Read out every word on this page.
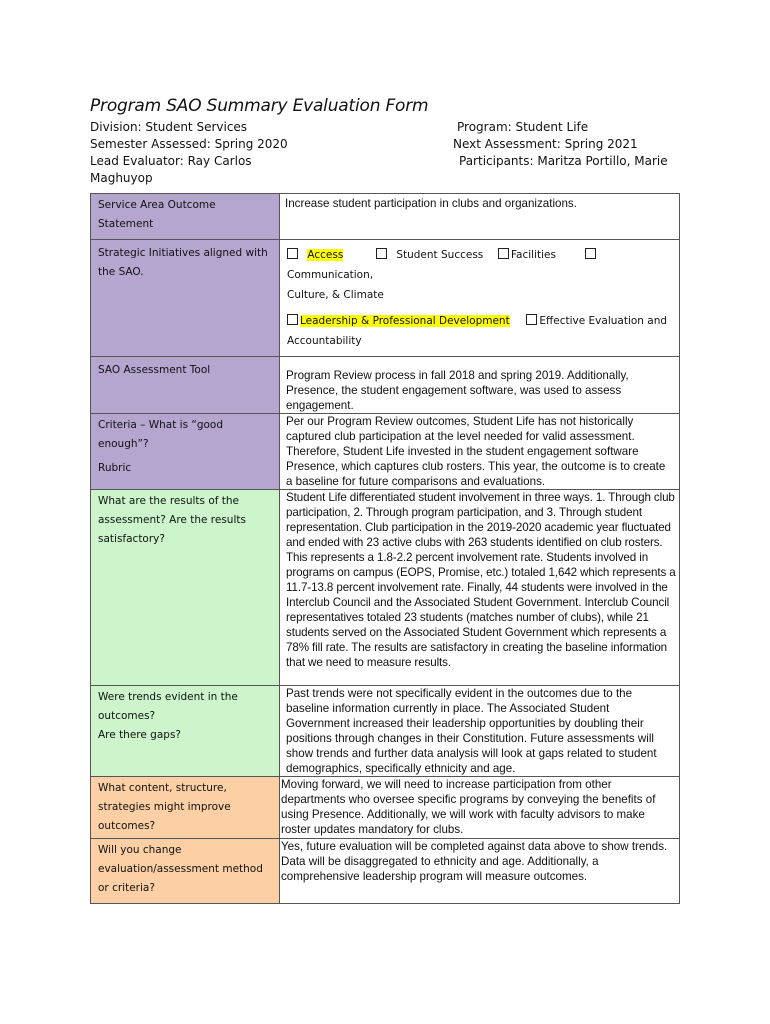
Program SAO Summary Evaluation Form
Division: Student Services
Semester Assessed: Spring 2020
Lead Evaluator: Ray Carlos Maghuyop
Program: Student Life
Next Assessment: Spring 2021
Participants: Maritza Portillo, Marie
Service Area Outcome Statement	Increase student participation in clubs and organizations.
Strategic Initiatives aligned with the SAO.	Access Student Success Facilities  Communication,
Culture, & Climate
Leadership & Professional Development Effective Evaluation and
Accountability

SAO Assessment Tool	Program Review process in fall 2018 and spring 2019. Additionally, Presence, the student engagement software, was used to assess engagement.

Criteria – What is “good enough”?
Rubric	Per our Program Review outcomes, Student Life has not historically captured club participation at the level needed for valid assessment. Therefore, Student Life invested in the student engagement software Presence, which captures club rosters. This year, the outcome is to create a baseline for future comparisons and evaluations.
What are the results of the assessment? Are the results satisfactory?	Student Life differentiated student involvement in three ways. 1. Through club participation, 2. Through program participation, and 3. Through student representation. Club participation in the 2019-2020 academic year fluctuated and ended with 23 active clubs with 263 students identified on club rosters. This represents a 1.8-2.2 percent involvement rate. Students involved in programs on campus (EOPS, Promise, etc.) totaled 1,642 which represents a 11.7-13.8 percent involvement rate. Finally, 44 students were involved in the Interclub Council and the Associated Student Government. Interclub Council representatives totaled 23 students (matches number of clubs), while 21 students served on the Associated Student Government which represents a 78% fill rate. The results are satisfactory in creating the baseline information that we need to measure results.

Were trends evident in the outcomes?
Are there gaps?	Past trends were not specifically evident in the outcomes due to the baseline information currently in place. The Associated Student Government increased their leadership opportunities by doubling their positions through changes in their Constitution. Future assessments will show trends and further data analysis will look at gaps related to student demographics, specifically ethnicity and age.
What content, structure, strategies might improve outcomes?	Moving forward, we will need to increase participation from other departments who oversee specific programs by conveying the benefits of using Presence. Additionally, we will work with faculty advisors to make roster updates mandatory for clubs.
Will you change evaluation/assessment method or criteria?	Yes, future evaluation will be completed against data above to show trends. Data will be disaggregated to ethnicity and age. Additionally, a comprehensive leadership program will measure outcomes.
